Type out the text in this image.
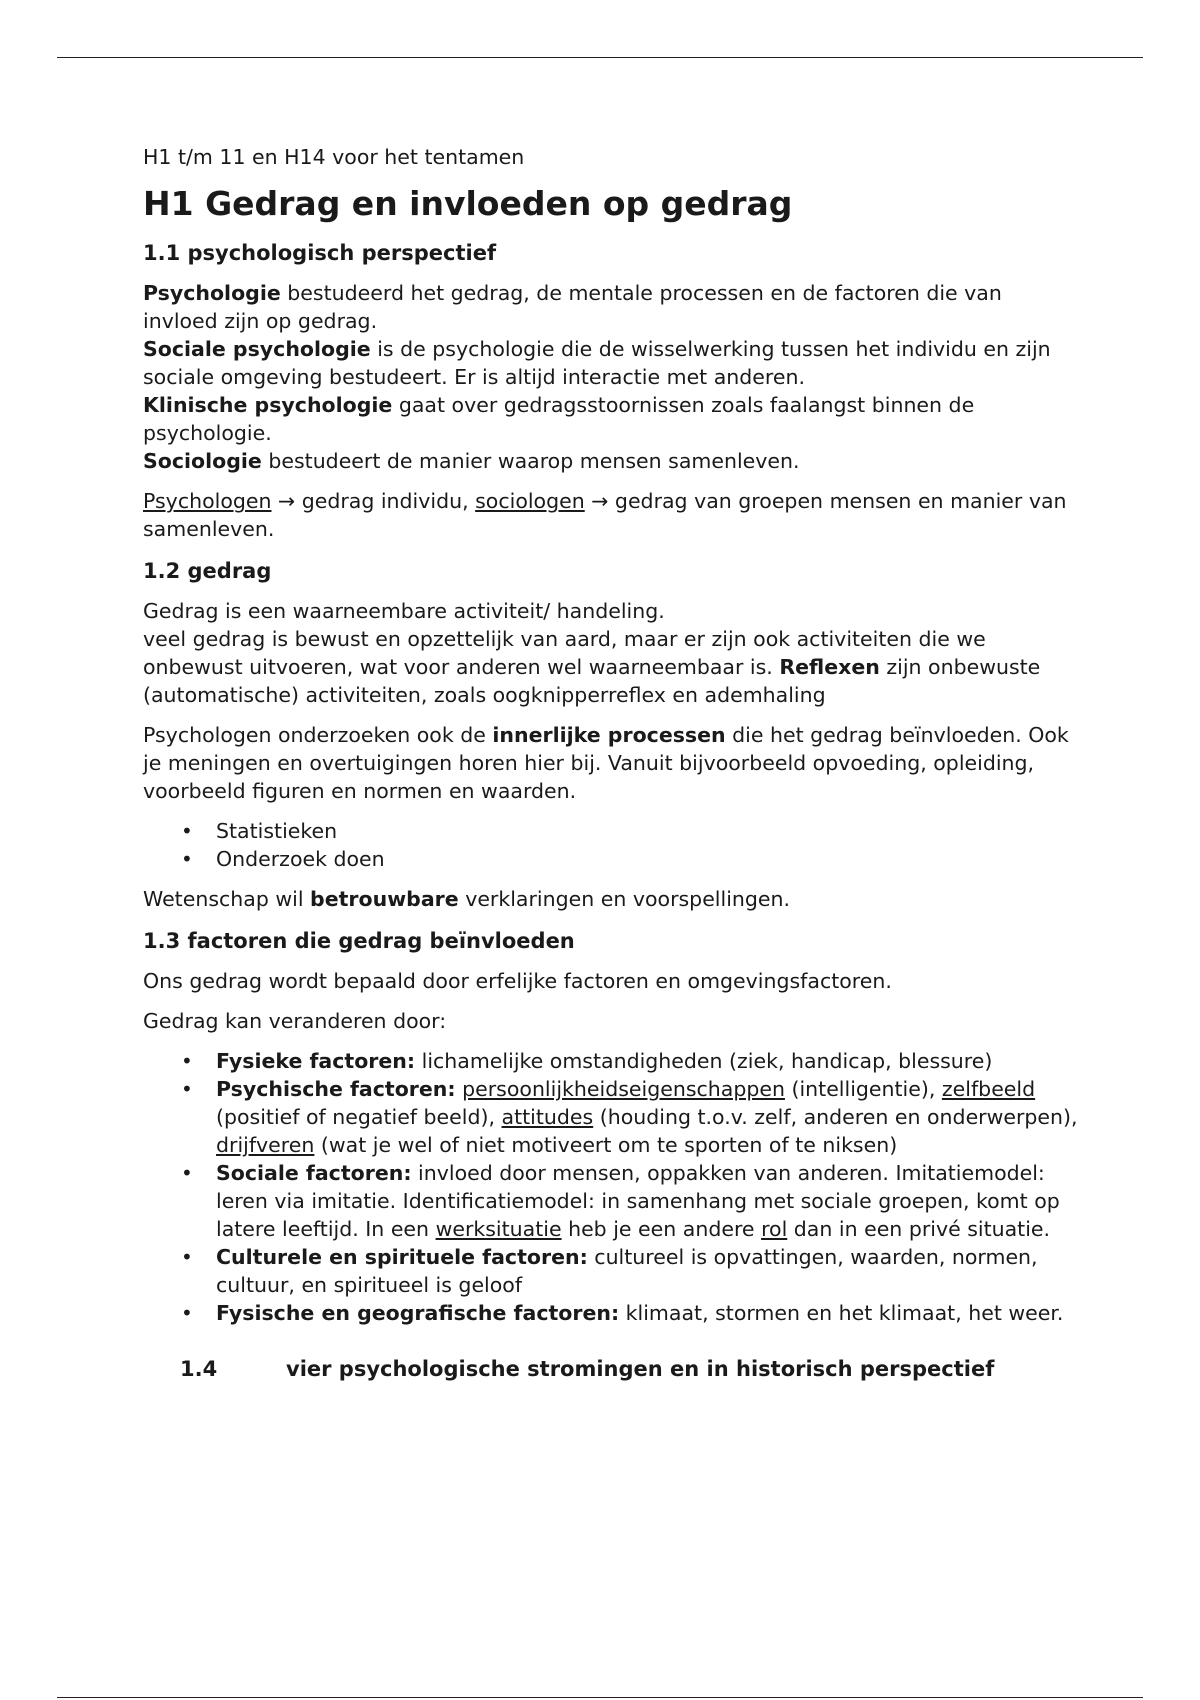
H1 t/m 11 en H14 voor het tentamen

H1 Gedrag en invloeden op gedrag
1.1 psychologisch perspectief

Psychologie bestudeerd het gedrag, de mentale processen en de factoren die van invloed zijn op gedrag.
Sociale psychologie is de psychologie die de wisselwerking tussen het individu en zijn sociale omgeving bestudeert. Er is altijd interactie met anderen.
Klinische psychologie gaat over gedragsstoornissen zoals faalangst binnen de psychologie.
Sociologie bestudeert de manier waarop mensen samenleven.

Psychologen → gedrag individu, sociologen → gedrag van groepen mensen en manier van samenleven.

1.2 gedrag

Gedrag is een waarneembare activiteit/ handeling.
veel gedrag is bewust en opzettelijk van aard, maar er zijn ook activiteiten die we onbewust uitvoeren, wat voor anderen wel waarneembaar is. Reflexen zijn onbewuste (automatische) activiteiten, zoals oogknipperreflex en ademhaling

Psychologen onderzoeken ook de innerlijke processen die het gedrag beïnvloeden. Ook je meningen en overtuigingen horen hier bij. Vanuit bijvoorbeeld opvoeding, opleiding, voorbeeld figuren en normen en waarden.

• Statistieken
• Onderzoek doen

Wetenschap wil betrouwbare verklaringen en voorspellingen.

1.3 factoren die gedrag beïnvloeden

Ons gedrag wordt bepaald door erfelijke factoren en omgevingsfactoren.

Gedrag kan veranderen door:

• Fysieke factoren: lichamelijke omstandigheden (ziek, handicap, blessure)
• Psychische factoren: persoonlijkheidseigenschappen (intelligentie), zelfbeeld (positief of negatief beeld), attitudes (houding t.o.v. zelf, anderen en onderwerpen), drijfveren (wat je wel of niet motiveert om te sporten of te niksen)
• Sociale factoren: invloed door mensen, oppakken van anderen. Imitatiemodel: leren via imitatie. Identificatiemodel: in samenhang met sociale groepen, komt op latere leeftijd. In een werksituatie heb je een andere rol dan in een privé situatie.
• Culturele en spirituele factoren: cultureel is opvattingen, waarden, normen, cultuur, en spiritueel is geloof
• Fysische en geografische factoren: klimaat, stormen en het klimaat, het weer.
1.4	vier psychologische stromingen en in historisch perspectief
